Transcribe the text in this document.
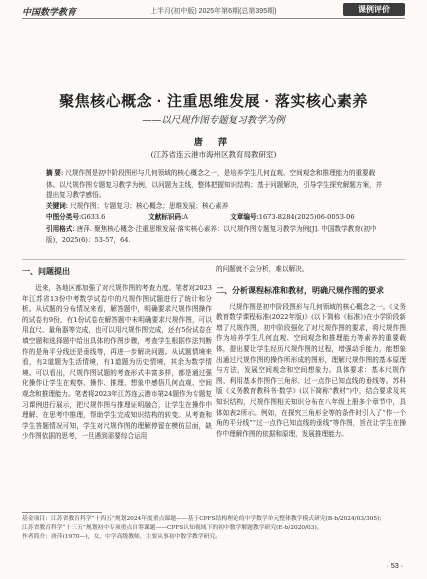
中国数学教育	上半月(初中版) 2025年第6期(总第395期)	课例评价
聚焦核心概念 · 注重思维发展 · 落实核心素养
——以尺规作图专题复习教学为例
唐 萍
(江苏省连云港市海州区教育局教研室)

摘 要: 尺规作图是初中阶段图形与几何领域的核心概念之一，是培养学生几何直观、空间观念和推理能力的重要载体。以尺规作图专题复习教学为例，以问题为主线，整体把握知识结构；基于问题解决，引导学生探究解题方案，并提出复习教学感悟。

关键词: 尺规作图；专题复习；核心概念；思维发展；核心素养

中图分类号:G633.6	文献标识码:A	文章编号:1673-8284(2025)06-0053-06

引用格式: 唐萍. 聚焦核心概念·注重思维发展·落实核心素养：以尺规作图专题复习教学为例[J]. 中国数学教育(初中版)，2025(6)：53-57，64.

一、问题提出

近来，各地区都加强了对尺规作图的考查力度。笔者对2023年江苏省13份中考数学试卷中的尺规作图试题进行了统计和分析。从试题的分布情况来看，解答题中，明确要求尺规作图操作的试卷有9份，有1份试卷在解答题中未明确要求尺规作图，可以用直尺、量角器等完成，也可以用尺规作图完成，还有5份试卷在填空题和选择题中给出具体的作图步骤，考查学生根据作法判断作的是角平分线还是垂线等，再进一步解决问题。从试题情境来看，有2道题为生活情境，有1道题为历史情境，其余为数学情境。可以看出，尺规作图试题的考查形式丰富多样，都是通过强化操作让学生在观察、操作、推理、想象中感悟几何直观、空间观念和推理能力。笔者将2023年江苏连云港市第24题作为专题复习课例进行展示，把尺规作图与推理证明融合，让学生在操作中理解、在思考中推理，帮助学生完成知识结构的转变。从考查和学生答题情况可知，学生对尺规作图的理解停留在模仿层面，缺少作图依据的思考，一旦遇到需要综合运用

的问题就不会分析，难以解决。

二、分析课程标准和教材，明确尺规作图的要求

尺规作图是初中阶段图形与几何领域的核心概念之一。《义务教育数学课程标准(2022年版)》(以下简称《标准》)在小学阶段新增了尺规作图，初中阶段强化了对尺规作图的要求，将尺规作图作为培养学生几何直观、空间观念和推理能力等素养的重要载体，提出要让学生经历尺规作图的过程，增强动手能力，能想象出通过尺规作图的操作所形成的图形，理解尺规作图的基本原理与方法，发展空间观念和空间想象力。具体要求：基本尺规作图、利用基本作图作三角形、过一点作已知直线的垂线等。苏科版《义务教育教科书·数学》(以下简称“教材”)中，结合要求及其知识结构，尺规作图相关知识分布在八年级上册多个章节中，具体如表2所示。例如，在探究三角形全等的条件时引入了“作一个角的平分线”“过一点作已知直线的垂线”等作图，旨在让学生在操作中理解作图的依据和原理，发展推理能力。

基金项目：江苏省教育科学“十四五”规划2024年度重点课题——基于CPFS结构理论的中学数学单元整体教学模式研究(B-b/2024/03/305)；

江苏省教育科学“十三五”规划初中专项重点自筹课题——CPFS认知视域下的初中数学解题教学研究(E-b/2020/03)。

作者简介：唐萍(1970—)，女，中学高级教师，主要从事初中数学教学研究。

· 53 ·
